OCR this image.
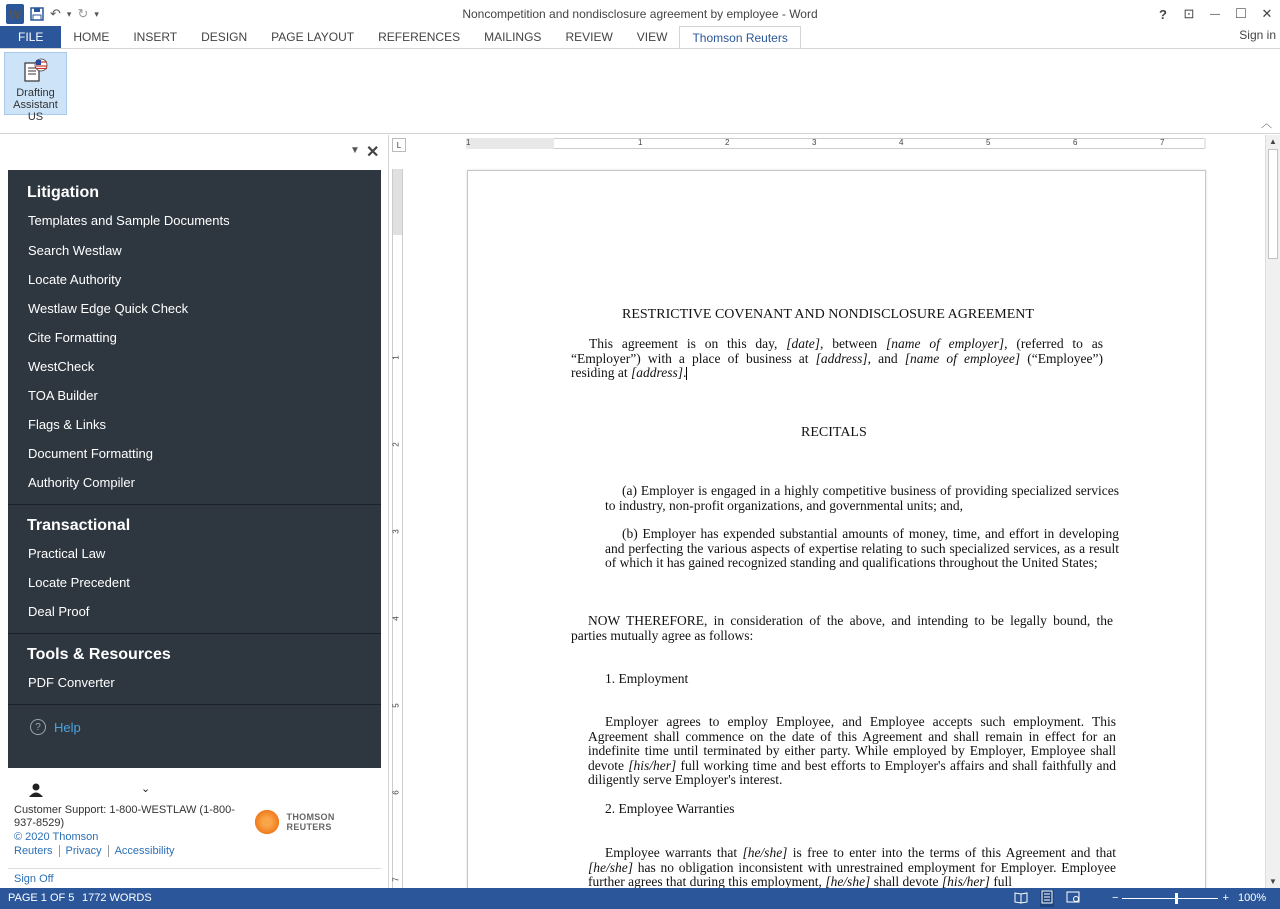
W ↶ ▾ ↻ ▾	Noncompetition and nondisclosure agreement by employee - Word	?	⊡	—	□	✕
FILE	HOME	INSERT	DESIGN	PAGE LAYOUT	REFERENCES	MAILINGS	REVIEW	VIEW	Thomson Reuters	Sign in
Drafting
Assistant US
︿
▼ ✕
Litigation
Templates and Sample Documents
Search Westlaw
Locate Authority
Westlaw Edge Quick Check
Cite Formatting
WestCheck
TOA Builder
Flags & Links
Document Formatting
Authority Compiler
Transactional
Practical Law
Locate Precedent
Deal Proof
Tools & Resources
PDF Converter
?	Help
⌄
Customer Support: 1-800-WESTLAW (1-800-937-8529)
© 2020 Thomson
Reuters	Privacy	Accessibility
THOMSON REUTERS
Sign Off
L	1	1	2	3	4	5	6	7
1
2
3
4
5
6
7

RESTRICTIVE COVENANT AND NONDISCLOSURE AGREEMENT

This agreement is on this day, [date], between [name of employer], (referred to as “Employer”) with a place of business at [address], and [name of employee] (“Employee”) residing at [address].

RECITALS

(a) Employer is engaged in a highly competitive business of providing specialized services to industry, non-profit organizations, and governmental units; and,

(b) Employer has expended substantial amounts of money, time, and effort in developing and perfecting the various aspects of expertise relating to such specialized services, as a result of which it has gained recognized standing and qualifications throughout the United States;

NOW THEREFORE, in consideration of the above, and intending to be legally bound, the parties mutually agree as follows:

1. Employment

Employer agrees to employ Employee, and Employee accepts such employment. This Agreement shall commence on the date of this Agreement and shall remain in effect for an indefinite time until terminated by either party. While employed by Employer, Employee shall devote [his/her] full working time and best efforts to Employer's affairs and shall faithfully and diligently serve Employer's interest.

2. Employee Warranties

Employee warrants that [he/she] is free to enter into the terms of this Agreement and that [he/she] has no obligation inconsistent with unrestrained employment for Employer. Employee further agrees that during this employment, [he/she] shall devote [his/her] full

▲
▼
PAGE 1 OF 5 1772 WORDS	−	+ 100%
